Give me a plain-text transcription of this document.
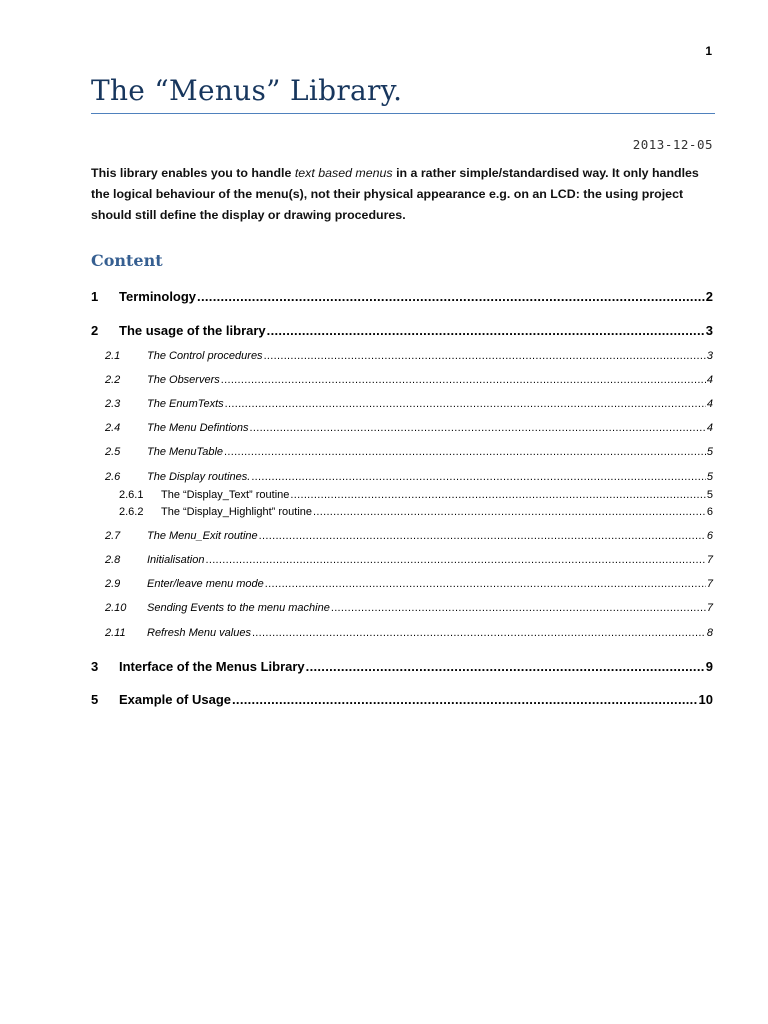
1
The “Menus” Library.
2013-12-05

This library enables you to handle text based menus in a rather simple/standardised way. It only handles the logical behaviour of the menu(s), not their physical appearance e.g. on an LCD: the using project should still define the display or drawing procedures.

Content
1	Terminology .....	2
2	The usage of the library .....	3
2.1	The Control procedures .....	3
2.2	The Observers .....	4
2.3	The EnumTexts .....	4
2.4	The Menu Defintions .....	4
2.5	The MenuTable .....	5
2.6	The Display routines. .....	5
2.6.1	The “Display_Text” routine .....	5
2.6.2	The “Display_Highlight” routine .....	6
2.7	The Menu_Exit routine .....	6
2.8	Initialisation .....	7
2.9	Enter/leave menu mode .....	7
2.10	Sending Events to the menu machine .....	7
2.11	Refresh Menu values .....	8
3	Interface of the Menus Library .....	9
5	Example of Usage .....	10
